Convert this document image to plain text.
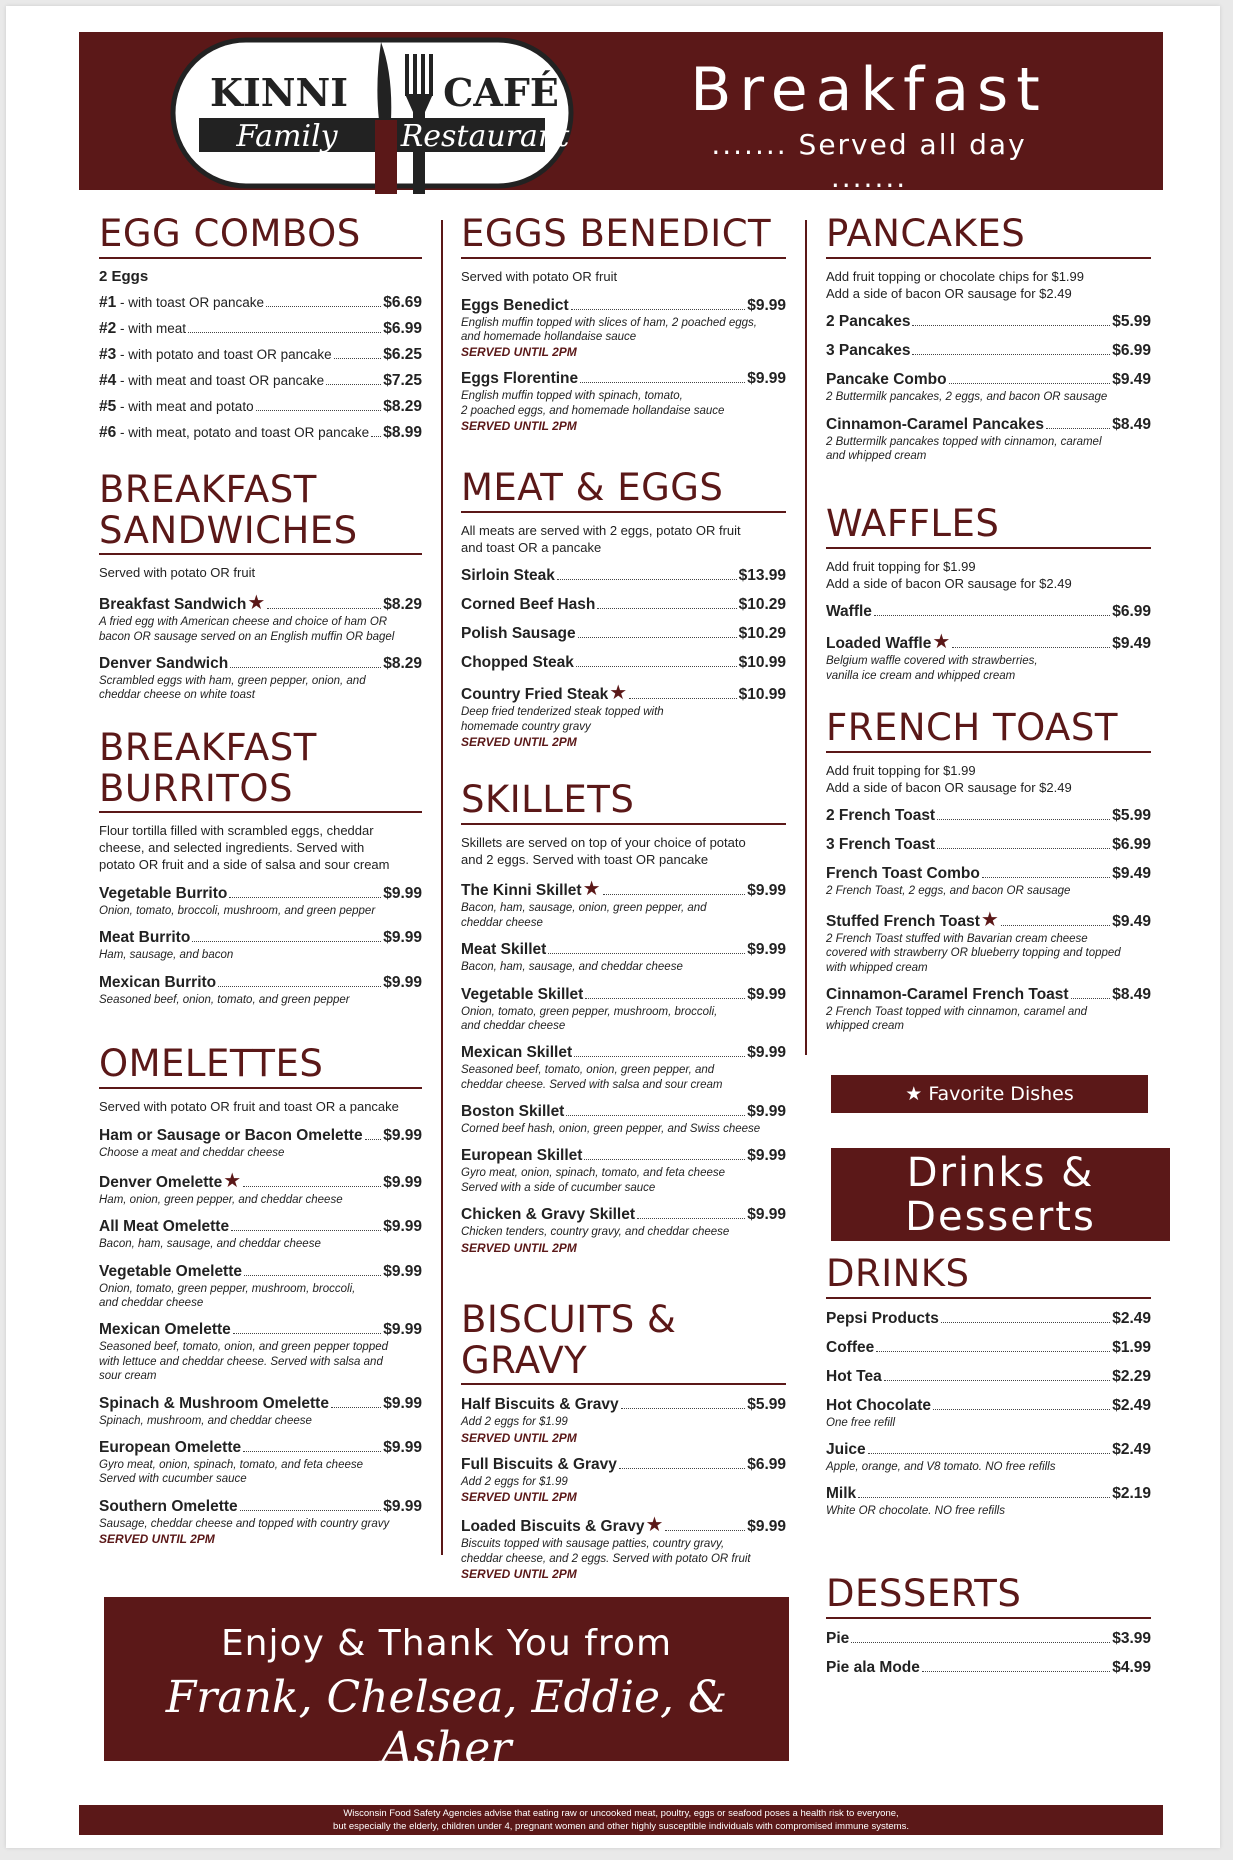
KINNI	CAFÉ
Family Restaurant
Breakfast
....... Served all day .......
EGG COMBOS
2 Eggs
#1 - with toast OR pancake	$6.69
#2 - with meat	$6.99
#3 - with potato and toast OR pancake	$6.25
#4 - with meat and toast OR pancake	$7.25
#5 - with meat and potato	$8.29
#6 - with meat, potato and toast OR pancake $8.99
BREAKFAST
SANDWICHES
Served with potato OR fruit
Breakfast Sandwich ★	$8.29
A fried egg with American cheese and choice of ham OR
bacon OR sausage served on an English muffin OR bagel
Denver Sandwich	$8.29
Scrambled eggs with ham, green pepper, onion, and
cheddar cheese on white toast
BREAKFAST
BURRITOS
Flour tortilla filled with scrambled eggs, cheddar
cheese, and selected ingredients. Served with
potato OR fruit and a side of salsa and sour cream
Vegetable Burrito	$9.99
Onion, tomato, broccoli, mushroom, and green pepper
Meat Burrito	$9.99
Ham, sausage, and bacon
Mexican Burrito	$9.99
Seasoned beef, onion, tomato, and green pepper
OMELETTES
Served with potato OR fruit and toast OR a pancake
Ham or Sausage or Bacon Omelette $9.99
Choose a meat and cheddar cheese
Denver Omelette ★	$9.99
Ham, onion, green pepper, and cheddar cheese
All Meat Omelette	$9.99
Bacon, ham, sausage, and cheddar cheese
Vegetable Omelette	$9.99
Onion, tomato, green pepper, mushroom, broccoli,
and cheddar cheese
Mexican Omelette	$9.99
Seasoned beef, tomato, onion, and green pepper topped
with lettuce and cheddar cheese. Served with salsa and
sour cream
Spinach & Mushroom Omelette	$9.99
Spinach, mushroom, and cheddar cheese
European Omelette	$9.99
Gyro meat, onion, spinach, tomato, and feta cheese
Served with cucumber sauce
Southern Omelette	$9.99
Sausage, cheddar cheese and topped with country gravy
SERVED UNTIL 2PM
EGGS BENEDICT
Served with potato OR fruit
Eggs Benedict	$9.99
English muffin topped with slices of ham, 2 poached eggs,
and homemade hollandaise sauce
SERVED UNTIL 2PM
Eggs Florentine	$9.99
English muffin topped with spinach, tomato,
2 poached eggs, and homemade hollandaise sauce
SERVED UNTIL 2PM
MEAT & EGGS
All meats are served with 2 eggs, potato OR fruit
and toast OR a pancake
Sirloin Steak	$13.99
Corned Beef Hash	$10.29
Polish Sausage	$10.29
Chopped Steak	$10.99
Country Fried Steak ★	$10.99
Deep fried tenderized steak topped with
homemade country gravy
SERVED UNTIL 2PM
SKILLETS
Skillets are served on top of your choice of potato
and 2 eggs. Served with toast OR pancake
The Kinni Skillet ★	$9.99
Bacon, ham, sausage, onion, green pepper, and
cheddar cheese
Meat Skillet	$9.99
Bacon, ham, sausage, and cheddar cheese
Vegetable Skillet	$9.99
Onion, tomato, green pepper, mushroom, broccoli,
and cheddar cheese
Mexican Skillet	$9.99
Seasoned beef, tomato, onion, green pepper, and
cheddar cheese. Served with salsa and sour cream
Boston Skillet	$9.99
Corned beef hash, onion, green pepper, and Swiss cheese
European Skillet	$9.99
Gyro meat, onion, spinach, tomato, and feta cheese
Served with a side of cucumber sauce
Chicken & Gravy Skillet	$9.99
Chicken tenders, country gravy, and cheddar cheese
SERVED UNTIL 2PM
BISCUITS & GRAVY
Half Biscuits & Gravy	$5.99
Add 2 eggs for $1.99
SERVED UNTIL 2PM
Full Biscuits & Gravy	$6.99
Add 2 eggs for $1.99
SERVED UNTIL 2PM
Loaded Biscuits & Gravy ★	$9.99
Biscuits topped with sausage patties, country gravy,
cheddar cheese, and 2 eggs. Served with potato OR fruit
SERVED UNTIL 2PM
PANCAKES
Add fruit topping or chocolate chips for $1.99
Add a side of bacon OR sausage for $2.49
2 Pancakes	$5.99
3 Pancakes	$6.99
Pancake Combo	$9.49
2 Buttermilk pancakes, 2 eggs, and bacon OR sausage
Cinnamon-Caramel Pancakes	$8.49
2 Buttermilk pancakes topped with cinnamon, caramel
and whipped cream
WAFFLES
Add fruit topping for $1.99
Add a side of bacon OR sausage for $2.49
Waffle	$6.99
Loaded Waffle ★	$9.49
Belgium waffle covered with strawberries,
vanilla ice cream and whipped cream
FRENCH TOAST
Add fruit topping for $1.99
Add a side of bacon OR sausage for $2.49
2 French Toast	$5.99
3 French Toast	$6.99
French Toast Combo	$9.49
2 French Toast, 2 eggs, and bacon OR sausage
Stuffed French Toast ★	$9.49
2 French Toast stuffed with Bavarian cream cheese
covered with strawberry OR blueberry topping and topped
with whipped cream
Cinnamon-Caramel French Toast	$8.49
2 French Toast topped with cinnamon, caramel and
whipped cream
DRINKS
Pepsi Products	$2.49
Coffee	$1.99
Hot Tea	$2.29
Hot Chocolate	$2.49
One free refill
Juice	$2.49
Apple, orange, and V8 tomato. NO free refills
Milk	$2.19
White OR chocolate. NO free refills
DESSERTS
Pie	$3.99
Pie ala Mode	$4.99
★ Favorite Dishes
Drinks &
Desserts
Enjoy & Thank You from
Frank, Chelsea, Eddie, & Asher
Wisconsin Food Safety Agencies advise that eating raw or uncooked meat, poultry, eggs or seafood poses a health risk to everyone,
but especially the elderly, children under 4, pregnant women and other highly susceptible individuals with compromised immune systems.
